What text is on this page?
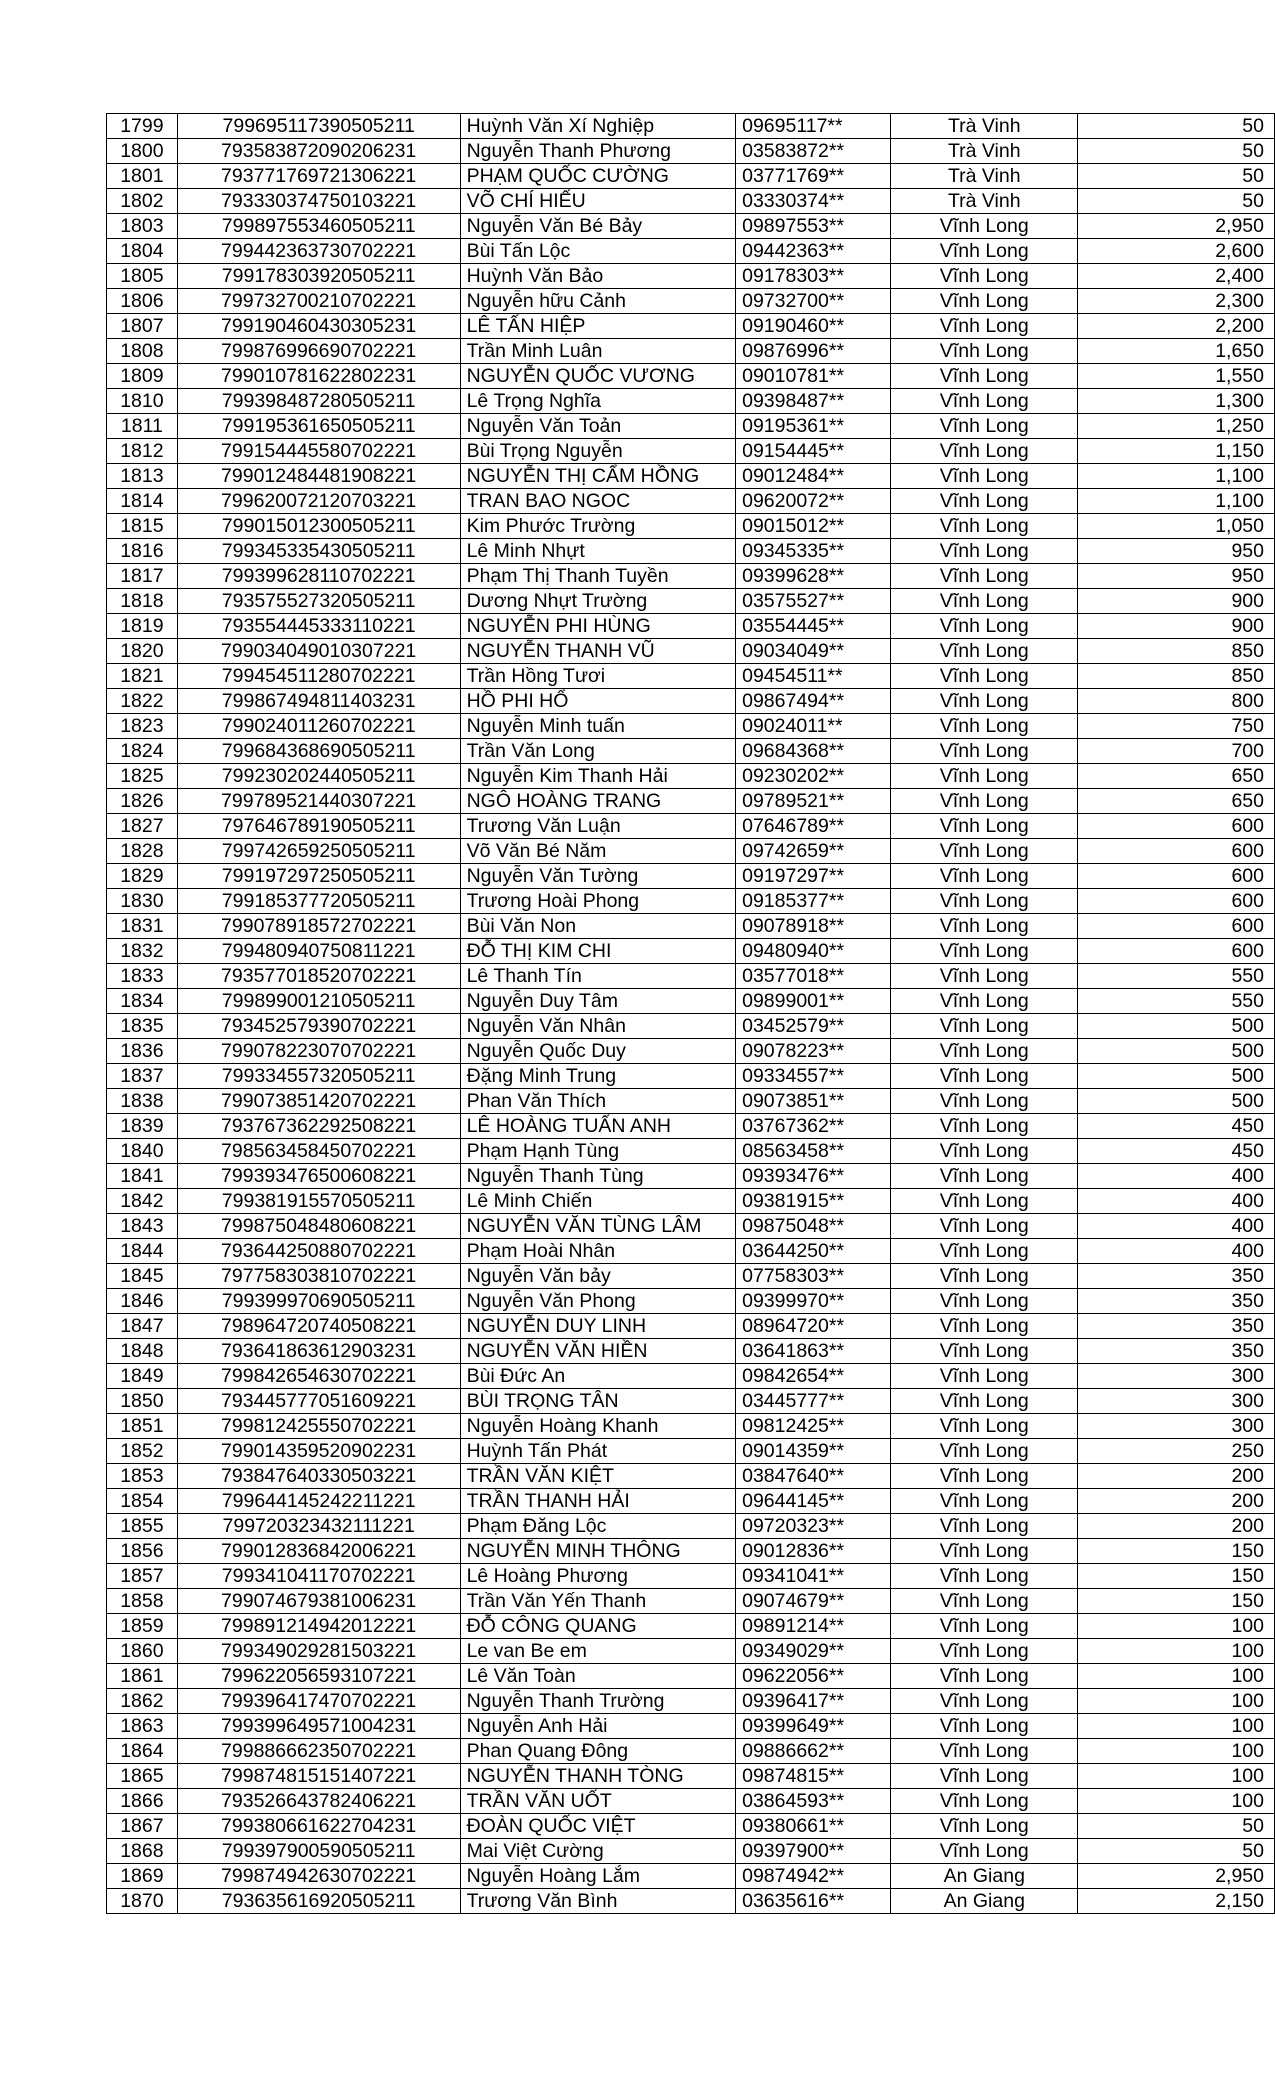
1799	799695117390505211	Huỳnh Văn Xí Nghiệp	09695117**	Trà Vinh	50
1800	793583872090206231	Nguyễn Thanh Phương	03583872**	Trà Vinh	50
1801	793771769721306221	PHẠM QUỐC CƯỜNG	03771769**	Trà Vinh	50
1802	793330374750103221	VÕ CHÍ HIẾU	03330374**	Trà Vinh	50
1803	799897553460505211	Nguyễn Văn Bé Bảy	09897553**	Vĩnh Long	2,950
1804	799442363730702221	Bùi Tấn Lộc	09442363**	Vĩnh Long	2,600
1805	799178303920505211	Huỳnh Văn Bảo	09178303**	Vĩnh Long	2,400
1806	799732700210702221	Nguyễn hữu Cảnh	09732700**	Vĩnh Long	2,300
1807	799190460430305231	LÊ TẤN HIỆP	09190460**	Vĩnh Long	2,200
1808	799876996690702221	Trần Minh Luân	09876996**	Vĩnh Long	1,650
1809	799010781622802231	NGUYỄN QUỐC VƯƠNG	09010781**	Vĩnh Long	1,550
1810	799398487280505211	Lê Trọng Nghĩa	09398487**	Vĩnh Long	1,300
1811	799195361650505211	Nguyễn Văn Toản	09195361**	Vĩnh Long	1,250
1812	799154445580702221	Bùi Trọng Nguyễn	09154445**	Vĩnh Long	1,150
1813	799012484481908221	NGUYỄN THỊ CẨM HỒNG	09012484**	Vĩnh Long	1,100
1814	799620072120703221	TRAN BAO NGOC	09620072**	Vĩnh Long	1,100
1815	799015012300505211	Kim Phước Trường	09015012**	Vĩnh Long	1,050
1816	799345335430505211	Lê Minh Nhựt	09345335**	Vĩnh Long	950
1817	799399628110702221	Phạm Thị Thanh Tuyền	09399628**	Vĩnh Long	950
1818	793575527320505211	Dương Nhựt Trường	03575527**	Vĩnh Long	900
1819	793554445333110221	NGUYỄN PHI HÙNG	03554445**	Vĩnh Long	900
1820	799034049010307221	NGUYỄN THANH VŨ	09034049**	Vĩnh Long	850
1821	799454511280702221	Trần Hồng Tươi	09454511**	Vĩnh Long	850
1822	799867494811403231	HỒ PHI HỔ	09867494**	Vĩnh Long	800
1823	799024011260702221	Nguyễn Minh tuấn	09024011**	Vĩnh Long	750
1824	799684368690505211	Trần Văn Long	09684368**	Vĩnh Long	700
1825	799230202440505211	Nguyễn Kim Thanh Hải	09230202**	Vĩnh Long	650
1826	799789521440307221	NGÔ HOÀNG TRANG	09789521**	Vĩnh Long	650
1827	797646789190505211	Trương Văn Luận	07646789**	Vĩnh Long	600
1828	799742659250505211	Võ Văn Bé Năm	09742659**	Vĩnh Long	600
1829	799197297250505211	Nguyễn Văn Tường	09197297**	Vĩnh Long	600
1830	799185377720505211	Trương Hoài Phong	09185377**	Vĩnh Long	600
1831	799078918572702221	Bùi Văn Non	09078918**	Vĩnh Long	600
1832	799480940750811221	ĐỖ THỊ KIM CHI	09480940**	Vĩnh Long	600
1833	793577018520702221	Lê Thanh Tín	03577018**	Vĩnh Long	550
1834	799899001210505211	Nguyễn Duy Tâm	09899001**	Vĩnh Long	550
1835	793452579390702221	Nguyễn Văn Nhân	03452579**	Vĩnh Long	500
1836	799078223070702221	Nguyễn Quốc Duy	09078223**	Vĩnh Long	500
1837	799334557320505211	Đặng Minh Trung	09334557**	Vĩnh Long	500
1838	799073851420702221	Phan Văn Thích	09073851**	Vĩnh Long	500
1839	793767362292508221	LÊ HOÀNG TUẤN ANH	03767362**	Vĩnh Long	450
1840	798563458450702221	Phạm Hạnh Tùng	08563458**	Vĩnh Long	450
1841	799393476500608221	Nguyễn Thanh Tùng	09393476**	Vĩnh Long	400
1842	799381915570505211	Lê Minh Chiến	09381915**	Vĩnh Long	400
1843	799875048480608221	NGUYỄN VĂN TÙNG LÂM	09875048**	Vĩnh Long	400
1844	793644250880702221	Phạm Hoài Nhân	03644250**	Vĩnh Long	400
1845	797758303810702221	Nguyễn Văn bảy	07758303**	Vĩnh Long	350
1846	799399970690505211	Nguyễn Văn Phong	09399970**	Vĩnh Long	350
1847	798964720740508221	NGUYỄN DUY LINH	08964720**	Vĩnh Long	350
1848	793641863612903231	NGUYỄN VĂN HIỀN	03641863**	Vĩnh Long	350
1849	799842654630702221	Bùi Đức An	09842654**	Vĩnh Long	300
1850	793445777051609221	BÙI TRỌNG TÂN	03445777**	Vĩnh Long	300
1851	799812425550702221	Nguyễn Hoàng Khanh	09812425**	Vĩnh Long	300
1852	799014359520902231	Huỳnh Tấn Phát	09014359**	Vĩnh Long	250
1853	793847640330503221	TRẦN VĂN KIỆT	03847640**	Vĩnh Long	200
1854	799644145242211221	TRẦN THANH HẢI	09644145**	Vĩnh Long	200
1855	799720323432111221	Phạm Đăng Lộc	09720323**	Vĩnh Long	200
1856	799012836842006221	NGUYỄN MINH THÔNG	09012836**	Vĩnh Long	150
1857	799341041170702221	Lê Hoàng Phương	09341041**	Vĩnh Long	150
1858	799074679381006231	Trần Văn Yến Thanh	09074679**	Vĩnh Long	150
1859	799891214942012221	ĐỖ CÔNG QUANG	09891214**	Vĩnh Long	100
1860	799349029281503221	Le van Be em	09349029**	Vĩnh Long	100
1861	799622056593107221	Lê Văn Toàn	09622056**	Vĩnh Long	100
1862	799396417470702221	Nguyễn Thanh Trường	09396417**	Vĩnh Long	100
1863	799399649571004231	Nguyễn Anh Hải	09399649**	Vĩnh Long	100
1864	799886662350702221	Phan Quang Đông	09886662**	Vĩnh Long	100
1865	799874815151407221	NGUYỄN THANH TÒNG	09874815**	Vĩnh Long	100
1866	793526643782406221	TRẦN VĂN UỐT	03864593**	Vĩnh Long	100
1867	799380661622704231	ĐOÀN QUỐC VIỆT	09380661**	Vĩnh Long	50
1868	799397900590505211	Mai Việt Cường	09397900**	Vĩnh Long	50
1869	799874942630702221	Nguyễn Hoàng Lắm	09874942**	An Giang	2,950
1870	793635616920505211	Trương Văn Bình	03635616**	An Giang	2,150
